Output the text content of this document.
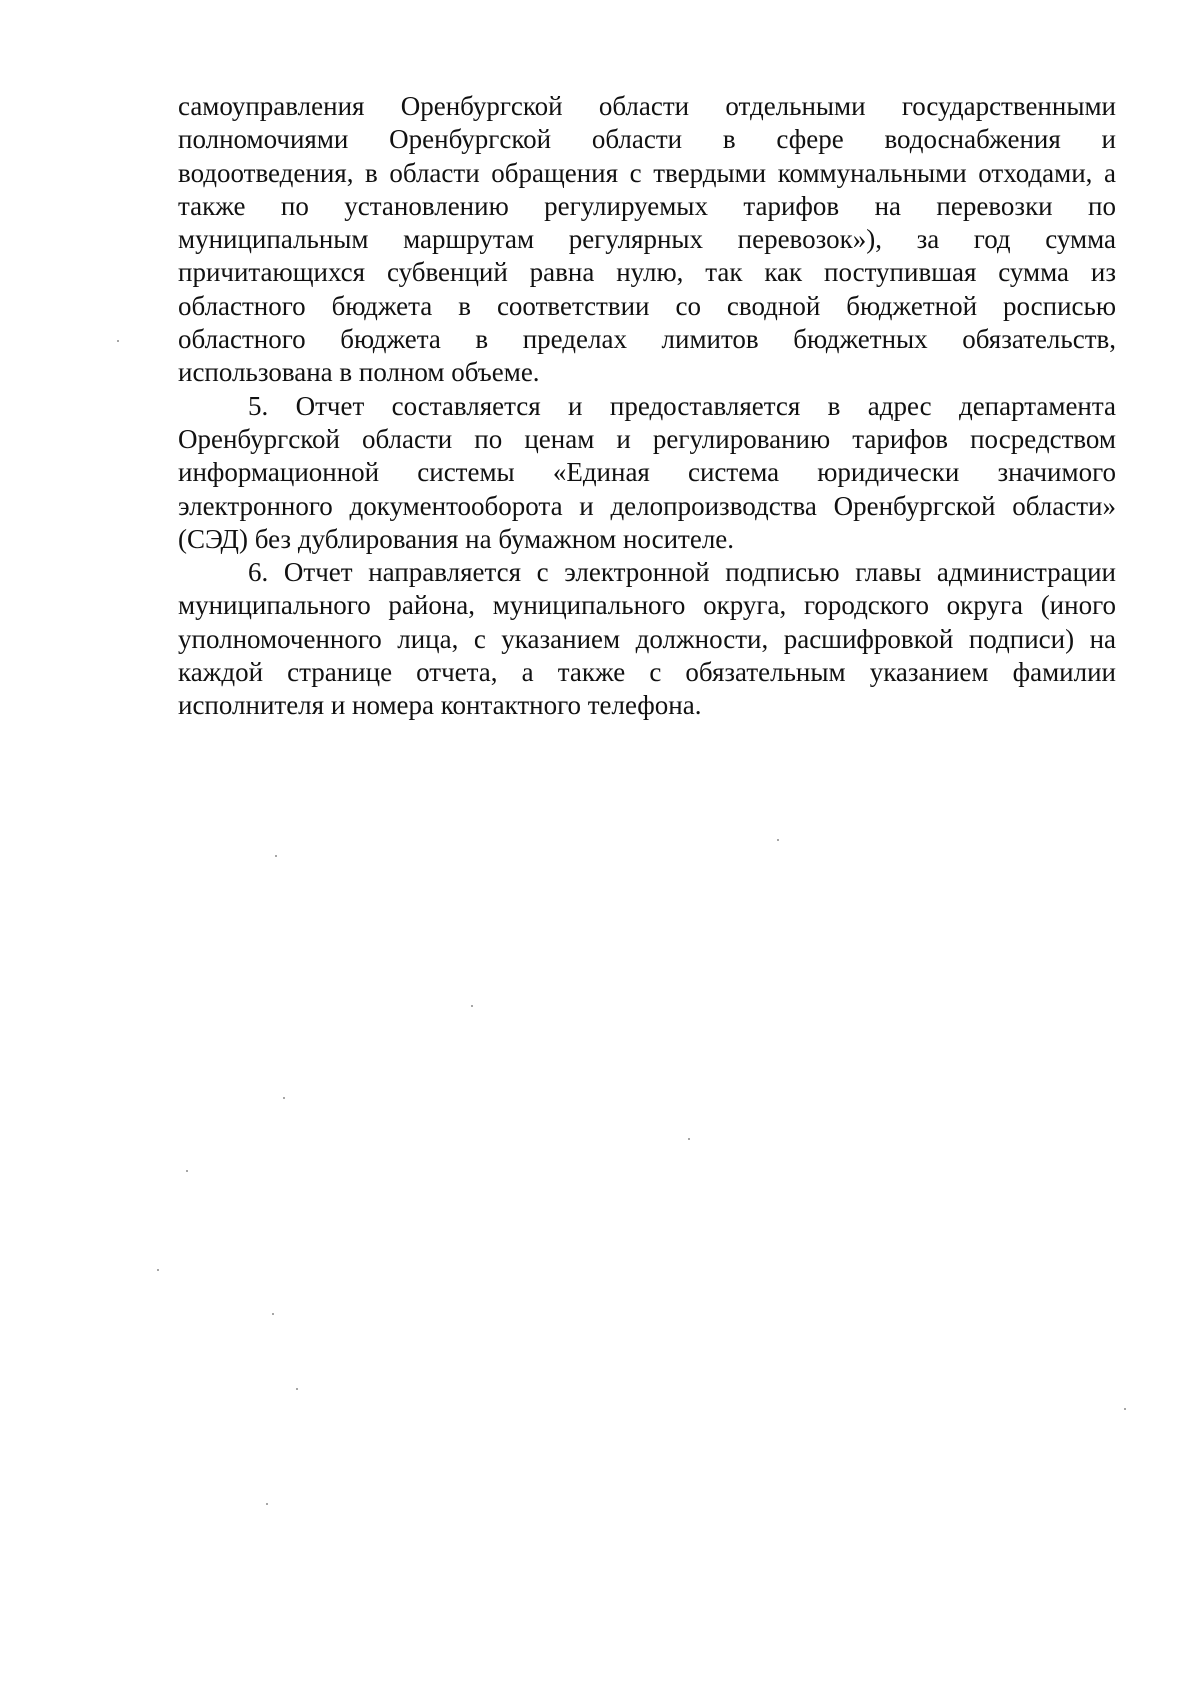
самоуправления Оренбургской области отдельными государственными
полномочиями Оренбургской области в сфере водоснабжения и
водоотведения, в области обращения с твердыми коммунальными отходами, а
также по установлению регулируемых тарифов на перевозки по
муниципальным маршрутам регулярных перевозок»), за год сумма
причитающихся субвенций равна нулю, так как поступившая сумма из
областного бюджета в соответствии со сводной бюджетной росписью
областного бюджета в пределах лимитов бюджетных обязательств,
использована в полном объеме.

5. Отчет составляется и предоставляется в адрес департамента
Оренбургской области по ценам и регулированию тарифов посредством
информационной системы «Единая система юридически значимого
электронного документооборота и делопроизводства Оренбургской области»
(СЭД) без дублирования на бумажном носителе.

6. Отчет направляется с электронной подписью главы администрации
муниципального района, муниципального округа, городского округа (иного
уполномоченного лица, с указанием должности, расшифровкой подписи) на
каждой странице отчета, а также с обязательным указанием фамилии
исполнителя и номера контактного телефона.
